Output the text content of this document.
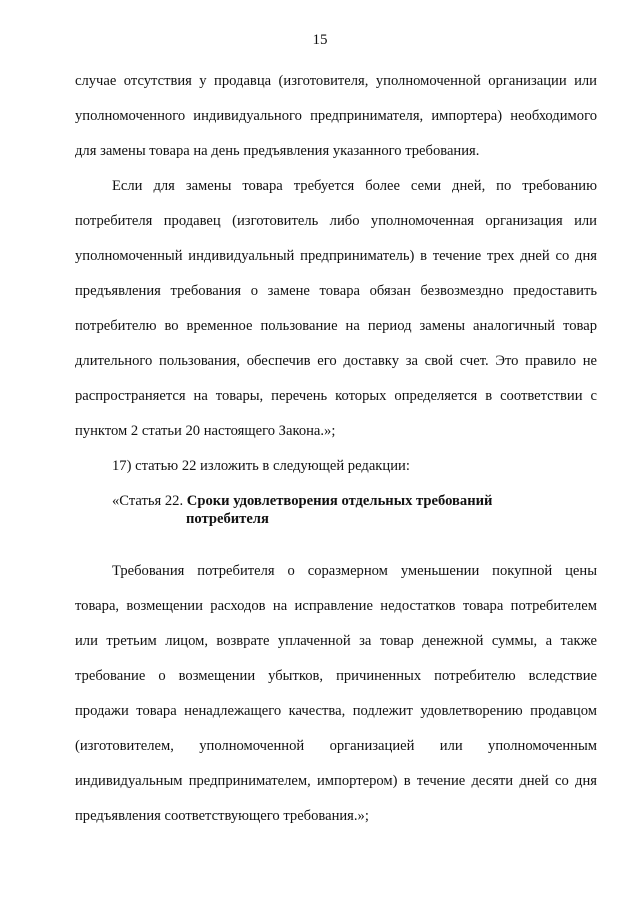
15
случае отсутствия у продавца (изготовителя, уполномоченной организации или
уполномоченного индивидуального предпринимателя, импортера) необходимого
для замены товара на день предъявления указанного требования.
Если для замены товара требуется более семи дней, по требованию
потребителя продавец (изготовитель либо уполномоченная организация или
уполномоченный индивидуальный предприниматель) в течение трех дней со дня
предъявления требования о замене товара обязан безвозмездно предоставить
потребителю во временное пользование на период замены аналогичный товар
длительного пользования, обеспечив его доставку за свой счет. Это правило не
распространяется на товары, перечень которых определяется в соответствии с
пунктом 2 статьи 20 настоящего Закона.»;
17) статью 22 изложить в следующей редакции:
«Статья 22. Сроки удовлетворения отдельных требований
потребителя
Требования потребителя о соразмерном уменьшении покупной цены
товара, возмещении расходов на исправление недостатков товара потребителем
или третьим лицом, возврате уплаченной за товар денежной суммы, а также
требование о возмещении убытков, причиненных потребителю вследствие
продажи товара ненадлежащего качества, подлежит удовлетворению продавцом
(изготовителем, уполномоченной организацией или уполномоченным
индивидуальным предпринимателем, импортером) в течение десяти дней со дня
предъявления соответствующего требования.»;
